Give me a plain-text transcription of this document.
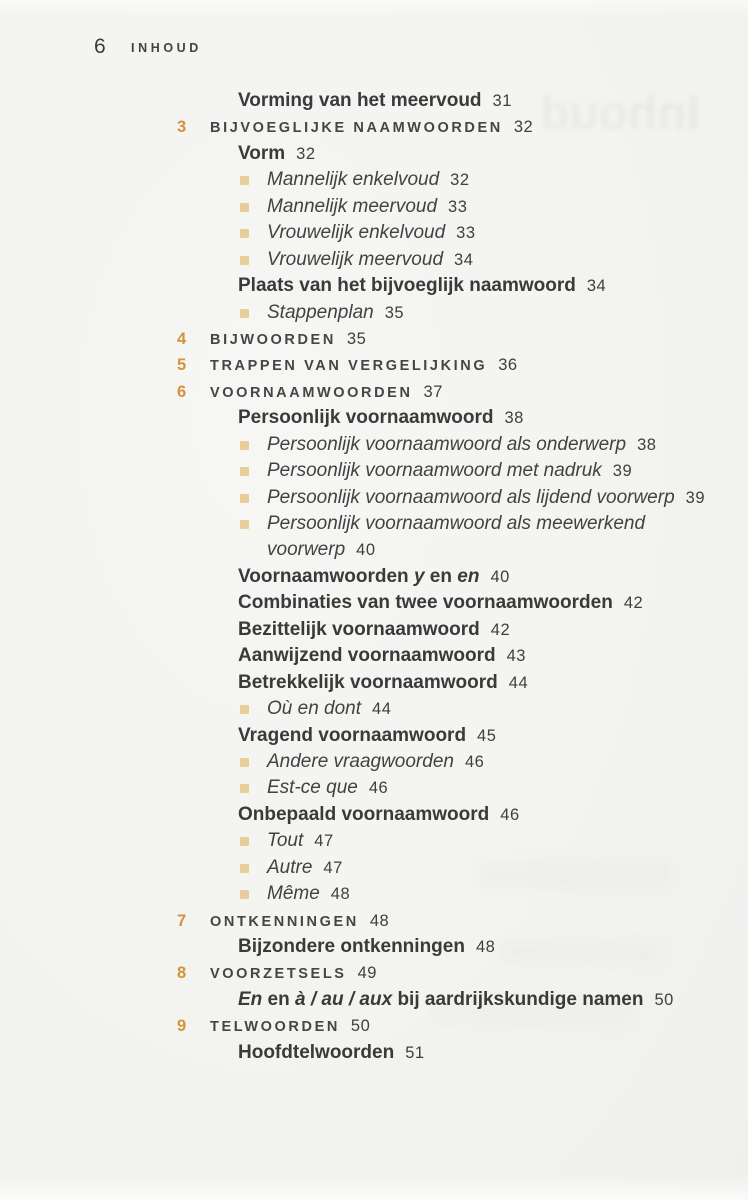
6 INHOUD
Inhoud
Vorming van het meervoud 31
3 BIJVOEGLIJKE NAAMWOORDEN 32
Vorm 32
Mannelijk enkelvoud 32
Mannelijk meervoud 33
Vrouwelijk enkelvoud 33
Vrouwelijk meervoud 34
Plaats van het bijvoeglijk naamwoord 34
Stappenplan 35
4 BIJWOORDEN 35
5 TRAPPEN VAN VERGELIJKING 36
6 VOORNAAMWOORDEN 37
Persoonlijk voornaamwoord 38
Persoonlijk voornaamwoord als onderwerp 38
Persoonlijk voornaamwoord met nadruk 39
Persoonlijk voornaamwoord als lijdend voorwerp 39
Persoonlijk voornaamwoord als meewerkend
voorwerp 40
Voornaamwoorden y en en 40
Combinaties van twee voornaamwoorden 42
Bezittelijk voornaamwoord 42
Aanwijzend voornaamwoord 43
Betrekkelijk voornaamwoord 44
Où en dont 44
Vragend voornaamwoord 45
Andere vraagwoorden 46
Est-ce que 46
Onbepaald voornaamwoord 46
Tout 47
Autre 47
Même 48
7 ONTKENNINGEN 48
Bijzondere ontkenningen 48
8 VOORZETSELS 49
En en à / au / aux bij aardrijkskundige namen 50
9 TELWOORDEN 50
Hoofdtelwoorden 51
